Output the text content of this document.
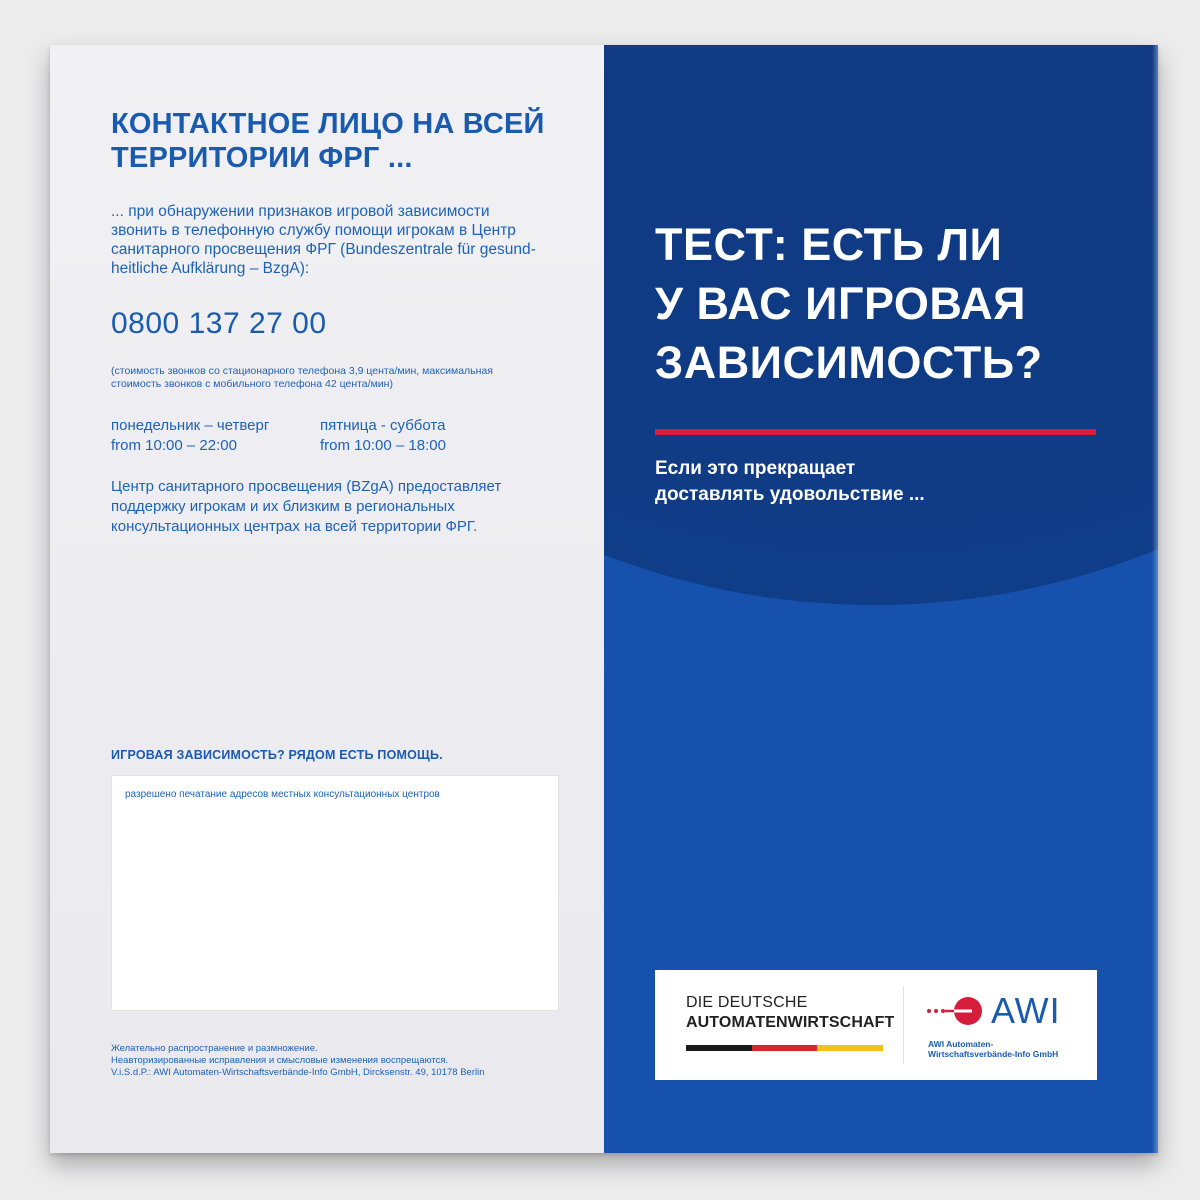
КОНТАКТНОЕ ЛИЦО НА ВСЕЙ ТЕРРИТОРИИ ФРГ ...
... при обнаружении признаков игровой зависимости
звонить в телефонную службу помощи игрокам в Центр
санитарного просвещения ФРГ (Bundeszentrale für gesund-
heitliche Aufklärung – BzgA):
0800 137 27 00
(стоимость звонков со стационарного телефона 3,9 цента/мин, максимальная
стоимость звонков с мобильного телефона 42 цента/мин)
понедельник – четверг
from 10:00 – 22:00
пятница - суббота
from 10:00 – 18:00
Центр санитарного просвещения (BZgA) предоставляет
поддержку игрокам и их близким в региональных
консультационных центрах на всей территории ФРГ.
ИГРОВАЯ ЗАВИСИМОСТЬ? РЯДОМ ЕСТЬ ПОМОЩЬ.
разрешено печатание адресов местных консультационных центров
Желательно распространение и размножение.
Неавторизированные исправления и смысловые изменения воспрещаются.
V.i.S.d.P.: AWI Automaten-Wirtschaftsverbände-Info GmbH, Dircksenstr. 49, 10178 Berlin
ТЕСТ: ЕСТЬ ЛИ
У ВАС ИГРОВАЯ
ЗАВИСИМОСТЬ?
Если это прекращает
доставлять удовольствие ...
DIE DEUTSCHE
AUTOMATENWIRTSCHAFT	AWI
AWI Automaten-
Wirtschaftsverbände-Info GmbH
